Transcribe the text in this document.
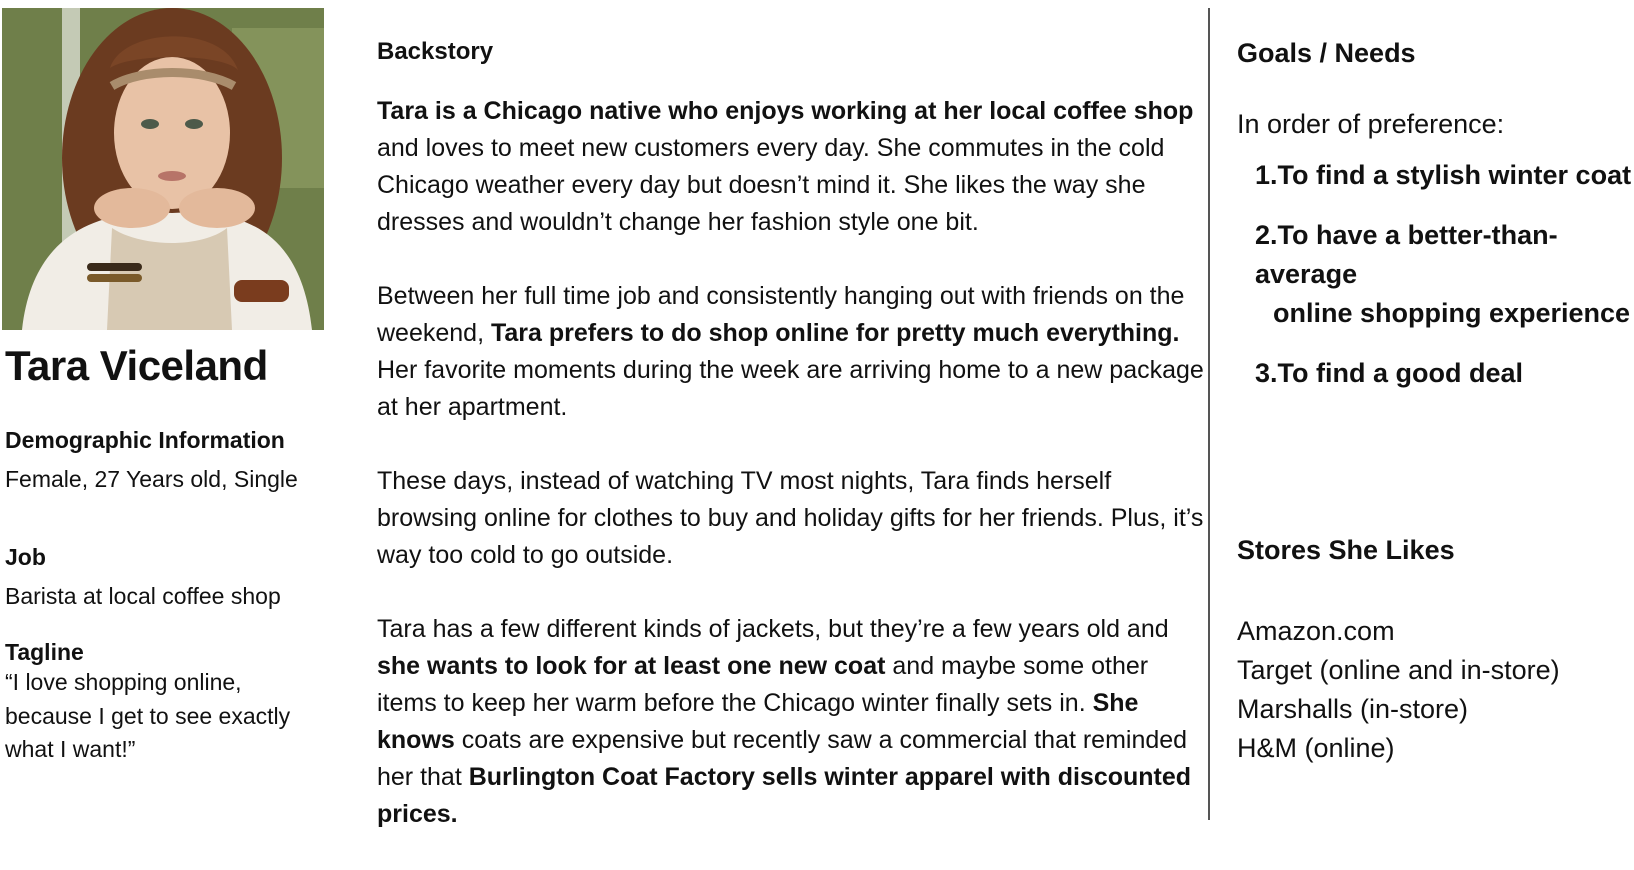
Tara Viceland
Demographic Information
Female, 27 Years old, Single
Job
Barista at local coffee shop
Tagline
“I love shopping online, because I get to see exactly what I want!”
Backstory

Tara is a Chicago native who enjoys working at her local coffee shop and loves to meet new customers every day. She commutes in the cold Chicago weather every day but doesn’t mind it. She likes the way she dresses and wouldn’t change her fashion style one bit.

Between her full time job and consistently hanging out with friends on the weekend, Tara prefers to do shop online for pretty much everything. Her favorite moments during the week are arriving home to a new package at her apartment.

These days, instead of watching TV most nights, Tara finds herself browsing online for clothes to buy and holiday gifts for her friends. Plus, it’s way too cold to go outside.

Tara has a few different kinds of jackets, but they’re a few years old and she wants to look for at least one new coat and maybe some other items to keep her warm before the Chicago winter finally sets in. She knows coats are expensive but recently saw a commercial that reminded her that Burlington Coat Factory sells winter apparel with discounted prices.

Goals / Needs
In order of preference:
1.To find a stylish winter coat
2.To have a better-than-average
online shopping experience
3.To find a good deal
Stores She Likes
Amazon.com
Target (online and in-store)
Marshalls (in-store)
H&M (online)
